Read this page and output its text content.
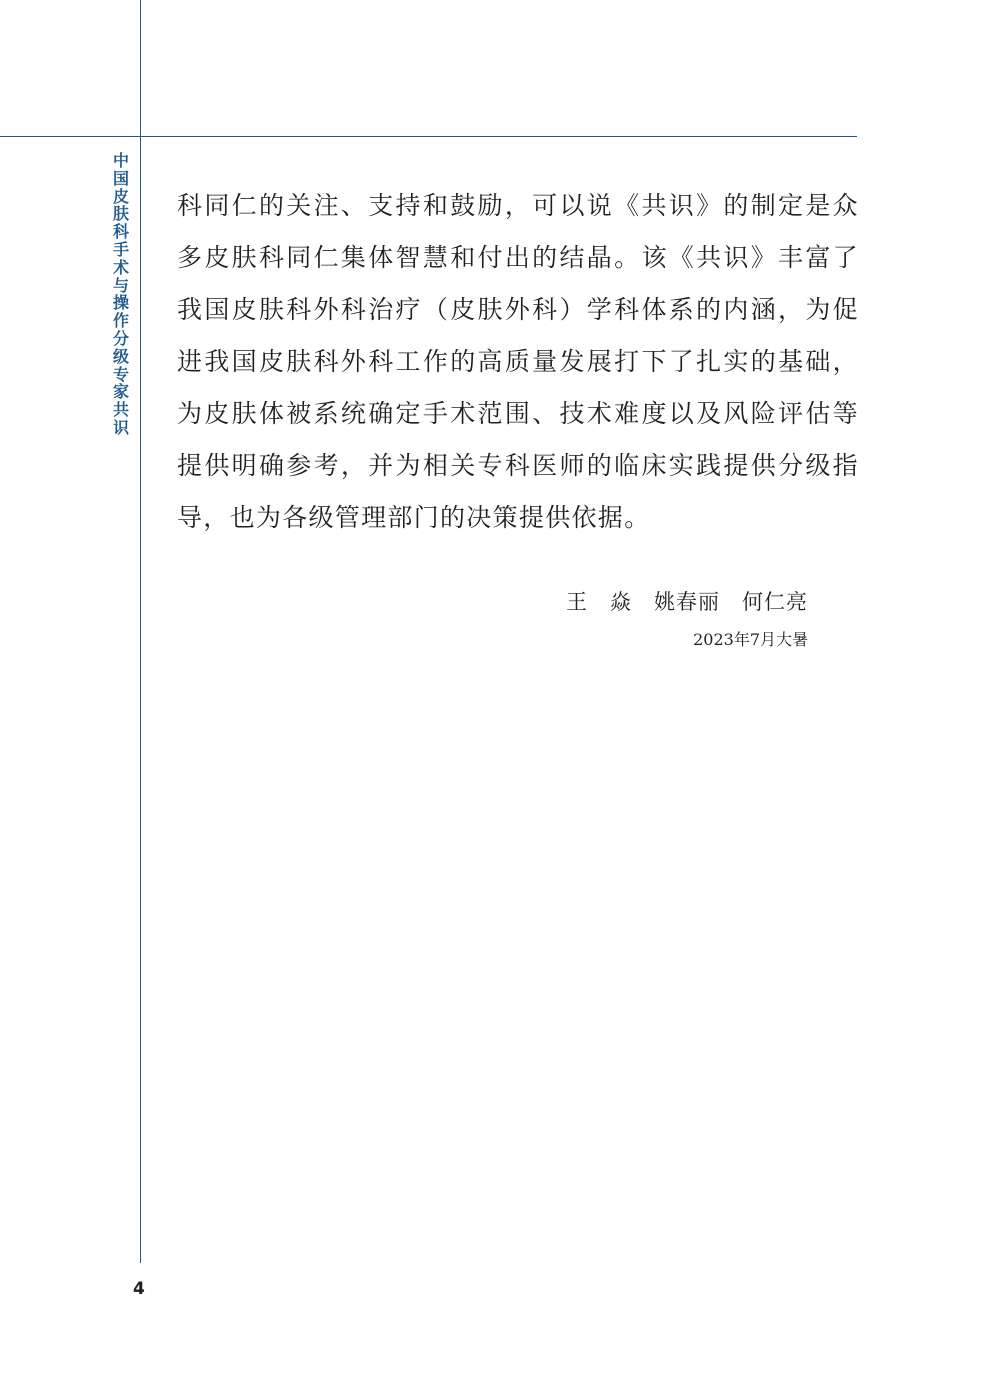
中国皮肤科手术与操作分级专家共识

科同仁的关注、支持和鼓励，可以说《共识》的制定是众多皮肤科同仁集体智慧和付出的结晶。该《共识》丰富了我国皮肤科外科治疗（皮肤外科）学科体系的内涵，为促进我国皮肤科外科工作的高质量发展打下了扎实的基础，为皮肤体被系统确定手术范围、技术难度以及风险评估等提供明确参考，并为相关专科医师的临床实践提供分级指导，也为各级管理部门的决策提供依据。

王　焱　姚春丽　何仁亮
2023年7月大暑
4
